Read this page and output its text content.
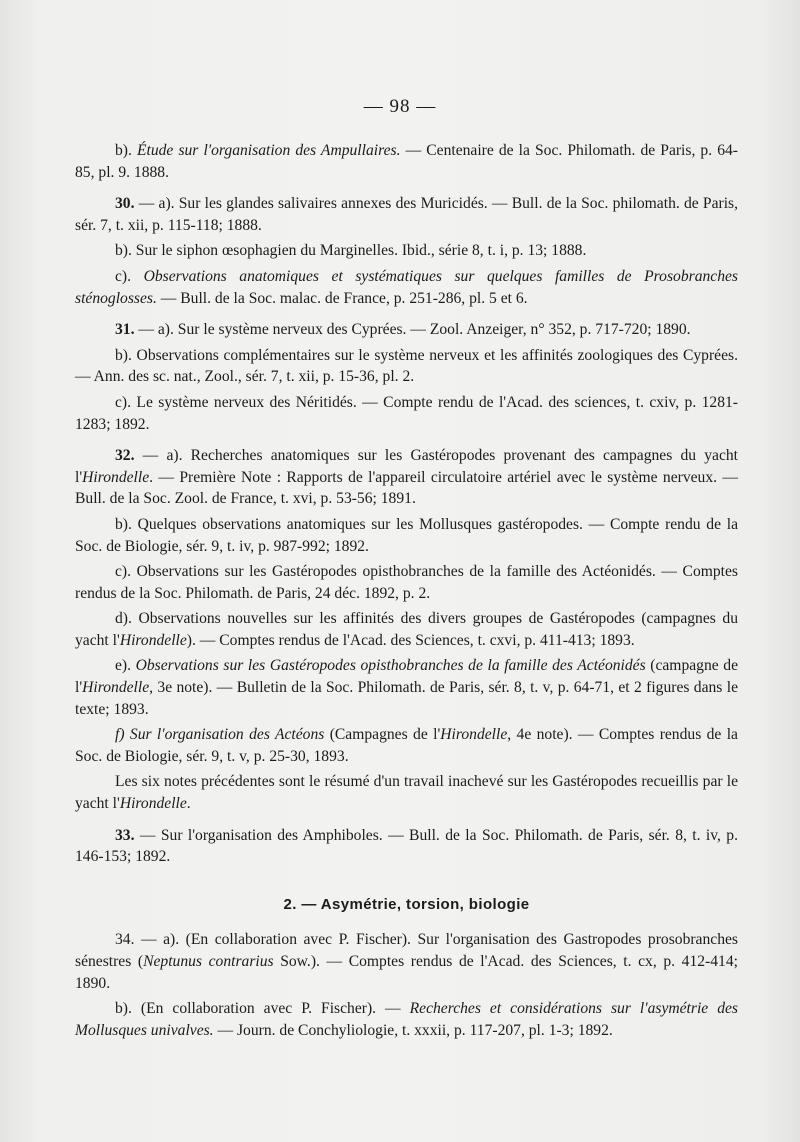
— 98 —

b). Étude sur l'organisation des Ampullaires. — Centenaire de la Soc. Philomath. de Paris, p. 64-85, pl. 9. 1888.

30. — a). Sur les glandes salivaires annexes des Muricidés. — Bull. de la Soc. philomath. de Paris, sér. 7, t. xii, p. 115-118; 1888.

b). Sur le siphon œsophagien du Marginelles. Ibid., série 8, t. i, p. 13; 1888.

c). Observations anatomiques et systématiques sur quelques familles de Prosobranches sténoglosses. — Bull. de la Soc. malac. de France, p. 251-286, pl. 5 et 6.

31. — a). Sur le système nerveux des Cyprées. — Zool. Anzeiger, n° 352, p. 717-720; 1890.

b). Observations complémentaires sur le système nerveux et les affinités zoologiques des Cyprées. — Ann. des sc. nat., Zool., sér. 7, t. xii, p. 15-36, pl. 2.

c). Le système nerveux des Néritidés. — Compte rendu de l'Acad. des sciences, t. cxiv, p. 1281-1283; 1892.

32. — a). Recherches anatomiques sur les Gastéropodes provenant des campagnes du yacht l'Hirondelle. — Première Note : Rapports de l'appareil circulatoire artériel avec le système nerveux. — Bull. de la Soc. Zool. de France, t. xvi, p. 53-56; 1891.

b). Quelques observations anatomiques sur les Mollusques gastéropodes. — Compte rendu de la Soc. de Biologie, sér. 9, t. iv, p. 987-992; 1892.

c). Observations sur les Gastéropodes opisthobranches de la famille des Actéonidés. — Comptes rendus de la Soc. Philomath. de Paris, 24 déc. 1892, p. 2.

d). Observations nouvelles sur les affinités des divers groupes de Gastéropodes (campagnes du yacht l'Hirondelle). — Comptes rendus de l'Acad. des Sciences, t. cxvi, p. 411-413; 1893.

e). Observations sur les Gastéropodes opisthobranches de la famille des Actéonidés (campagne de l'Hirondelle, 3e note). — Bulletin de la Soc. Philomath. de Paris, sér. 8, t. v, p. 64-71, et 2 figures dans le texte; 1893.

f) Sur l'organisation des Actéons (Campagnes de l'Hirondelle, 4e note). — Comptes rendus de la Soc. de Biologie, sér. 9, t. v, p. 25-30, 1893.

Les six notes précédentes sont le résumé d'un travail inachevé sur les Gastéropodes recueillis par le yacht l'Hirondelle.

33. — Sur l'organisation des Amphiboles. — Bull. de la Soc. Philomath. de Paris, sér. 8, t. iv, p. 146-153; 1892.

2. — Asymétrie, torsion, biologie

34. — a). (En collaboration avec P. Fischer). Sur l'organisation des Gastropodes prosobranches sénestres (Neptunus contrarius Sow.). — Comptes rendus de l'Acad. des Sciences, t. cx, p. 412-414; 1890.

b). (En collaboration avec P. Fischer). — Recherches et considérations sur l'asymétrie des Mollusques univalves. — Journ. de Conchyliologie, t. xxxii, p. 117-207, pl. 1-3; 1892.
